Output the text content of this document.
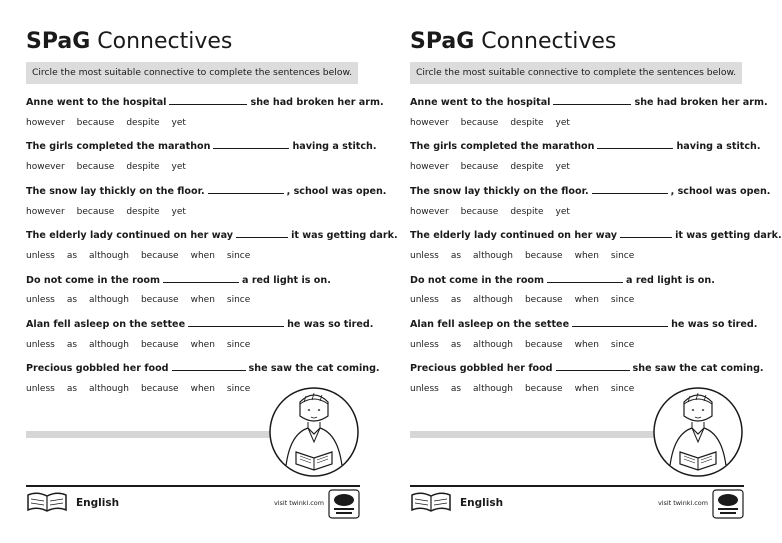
SPaG Connectives
Circle the most suitable connective to complete the sentences below.
Anne went to the hospital	she had broken her arm.
however because despite yet
The girls completed the marathon	having a stitch.
however because despite yet
The snow lay thickly on the floor.	, school was open.
however because despite yet
The elderly lady continued on her way	it was getting dark.
unless as although because when since
Do not come in the room	a red light is on.
unless as although because when since
Alan fell asleep on the settee	he was so tired.
unless as although because when since
Precious gobbled her food	she saw the cat coming.
unless as although because when since
English	visit twinkl.com
SPaG Connectives
Circle the most suitable connective to complete the sentences below.
Anne went to the hospital	she had broken her arm.
however because despite yet
The girls completed the marathon	having a stitch.
however because despite yet
The snow lay thickly on the floor.	, school was open.
however because despite yet
The elderly lady continued on her way	it was getting dark.
unless as although because when since
Do not come in the room	a red light is on.
unless as although because when since
Alan fell asleep on the settee	he was so tired.
unless as although because when since
Precious gobbled her food	she saw the cat coming.
unless as although because when since
English	visit twinkl.com
